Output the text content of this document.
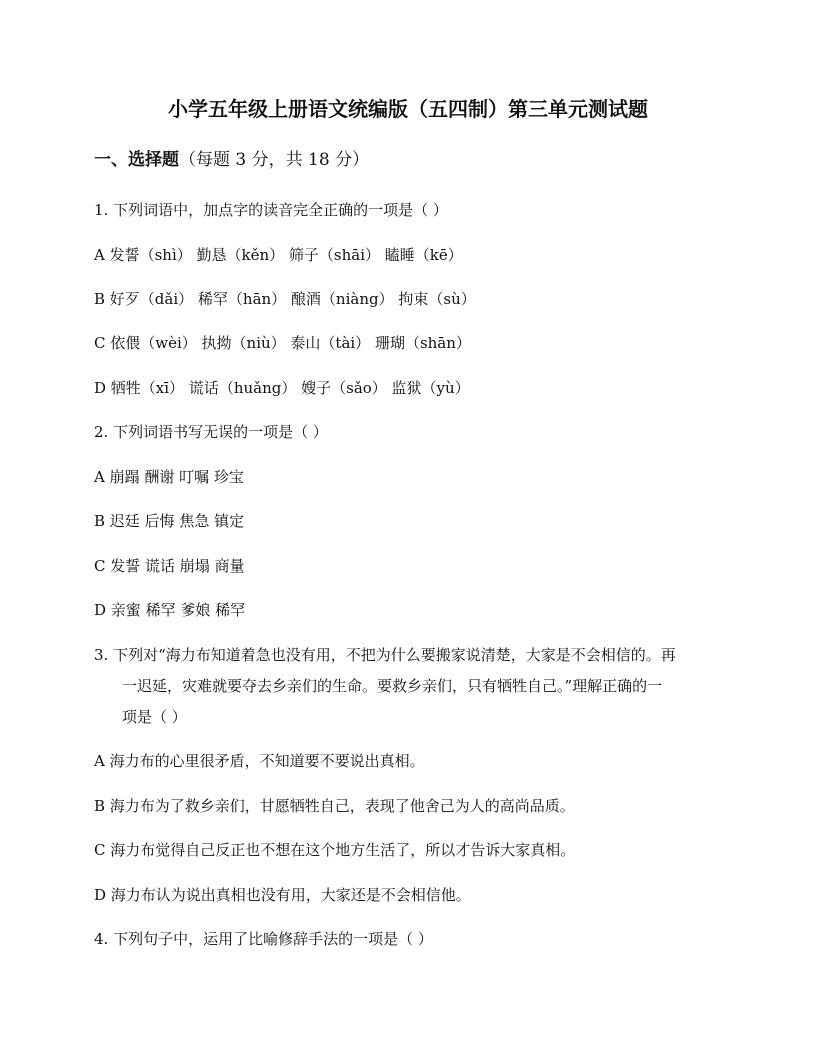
小学五年级上册语文统编版（五四制）第三单元测试题
一、选择题（每题 3 分，共 18 分）
1. 下列词语中，加点字的读音完全正确的一项是（ ）
A 发誓（shì） 勤恳（kěn） 筛子（shāi） 瞌睡（kē）
B 好歹（dǎi） 稀罕（hān） 酿酒（niàng） 拘束（sù）
C 依偎（wèi） 执拗（niù） 泰山（tài） 珊瑚（shān）
D 牺牲（xī） 谎话（huǎng） 嫂子（sǎo） 监狱（yù）
2. 下列词语书写无误的一项是（ ）
A 崩蹋 酬谢 叮嘱 珍宝
B 迟廷 后悔 焦急 镇定
C 发誓 谎话 崩塌 商量
D 亲蜜 稀罕 爹娘 稀罕
3. 下列对“海力布知道着急也没有用，不把为什么要搬家说清楚，大家是不会相信的。再
一迟延，灾难就要夺去乡亲们的生命。要救乡亲们，只有牺牲自己。”理解正确的一
项是（ ）
A 海力布的心里很矛盾，不知道要不要说出真相。
B 海力布为了救乡亲们，甘愿牺牲自己，表现了他舍己为人的高尚品质。
C 海力布觉得自己反正也不想在这个地方生活了，所以才告诉大家真相。
D 海力布认为说出真相也没有用，大家还是不会相信他。
4. 下列句子中，运用了比喻修辞手法的一项是（ ）
